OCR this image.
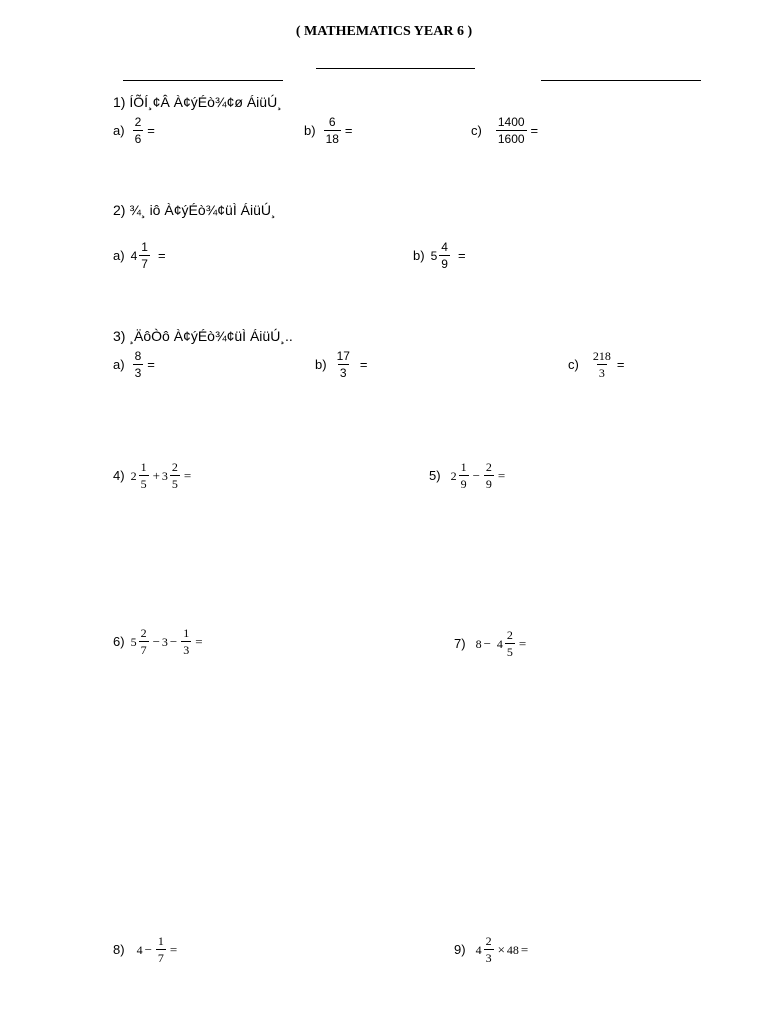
( MATHEMATICS YEAR 6 )
1) ÍÕÍ¸¢Â À¢ýÉò¾¢ø ÁiüÚ¸
$a) \frac{2}{6}$ =	$b) \frac{6}{18}$ =	$c) \frac{1400}{1600}$ =
2) ¾¸ iô À¢ýÉò¾¢üÌ ÁiüÚ¸
a) $4 \frac{1}{7}$ =	b) $5 \frac{4}{9}$ =
3) ¸ÄôÒô À¢ýÉò¾¢üÌ ÁiüÚ¸..
$a) \frac{8}{3}$ =	$b) \frac{17}{3}$ =	$c) \frac{218}{3}$ =
4) $2 \frac{1}{5} + 3 \frac{2}{5}$ =	5) $2 \frac{1}{9} - \frac{2}{9}$ =
6) $5 \frac{2}{7} - 3 - \frac{1}{3}$ =	7) $8 - 4 \frac{2}{5}$ =
8) $4 - \frac{1}{7}$ =	9) $4 \frac{2}{3} \times 48$ =
